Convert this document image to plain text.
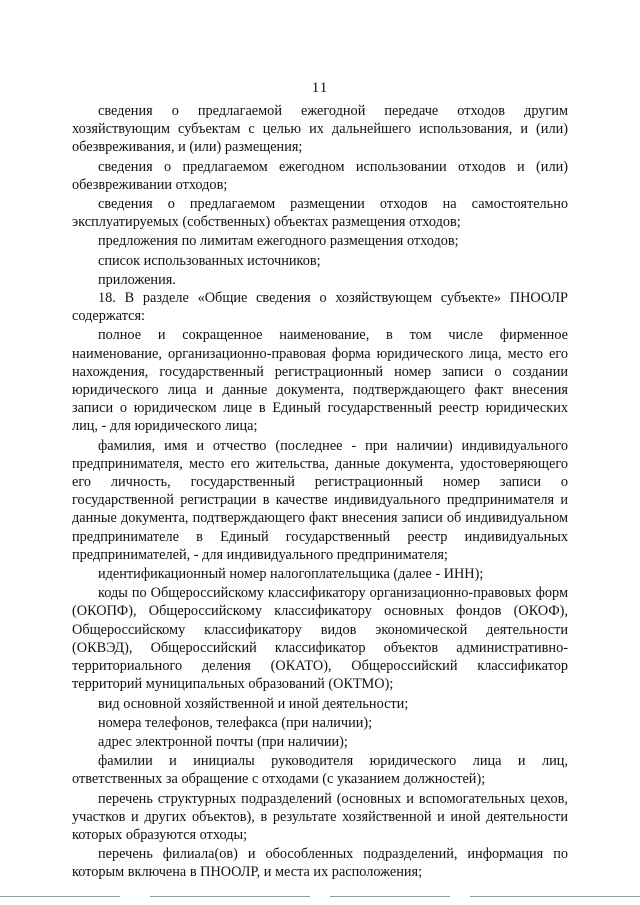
11

сведения о предлагаемой ежегодной передаче отходов другим хозяйствующим субъектам с целью их дальнейшего использования, и (или) обезвреживания, и (или) размещения;

сведения о предлагаемом ежегодном использовании отходов и (или) обезвреживании отходов;

сведения о предлагаемом размещении отходов на самостоятельно эксплуатируемых (собственных) объектах размещения отходов;

предложения по лимитам ежегодного размещения отходов;

список использованных источников;

приложения.

18. В разделе «Общие сведения о хозяйствующем субъекте» ПНООЛР содержатся:

полное и сокращенное наименование, в том числе фирменное наименование, организационно-правовая форма юридического лица, место его нахождения, государственный регистрационный номер записи о создании юридического лица и данные документа, подтверждающего факт внесения записи о юридическом лице в Единый государственный реестр юридических лиц, - для юридического лица;

фамилия, имя и отчество (последнее - при наличии) индивидуального предпринимателя, место его жительства, данные документа, удостоверяющего его личность, государственный регистрационный номер записи о государственной регистрации в качестве индивидуального предпринимателя и данные документа, подтверждающего факт внесения записи об индивидуальном предпринимателе в Единый государственный реестр индивидуальных предпринимателей, - для индивидуального предпринимателя;

идентификационный номер налогоплательщика (далее - ИНН);

коды по Общероссийскому классификатору организационно-правовых форм (ОКОПФ), Общероссийскому классификатору основных фондов (ОКОФ), Общероссийскому классификатору видов экономической деятельности (ОКВЭД), Общероссийский классификатор объектов административно-территориального деления (ОКАТО), Общероссийский классификатор территорий муниципальных образований (ОКТМО);

вид основной хозяйственной и иной деятельности;

номера телефонов, телефакса (при наличии);

адрес электронной почты (при наличии);

фамилии и инициалы руководителя юридического лица и лиц, ответственных за обращение с отходами (с указанием должностей);

перечень структурных подразделений (основных и вспомогательных цехов, участков и других объектов), в результате хозяйственной и иной деятельности которых образуются отходы;

перечень филиала(ов) и обособленных подразделений, информация по которым включена в ПНООЛР, и места их расположения;
